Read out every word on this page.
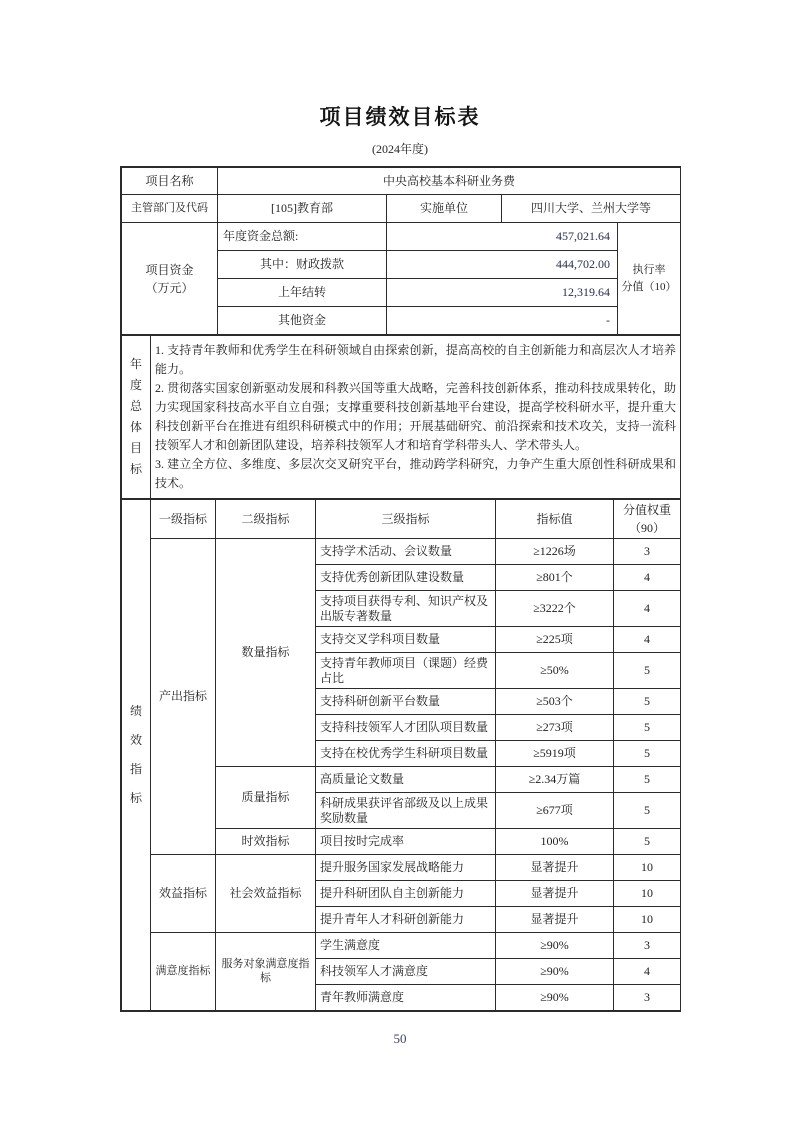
项目绩效目标表
(2024年度)
项目名称	中央高校基本科研业务费			
主管部门及代码	[105]教育部	实施单位	四川大学、兰州大学等	

项目资金
（万元）
	年度资金总额:	457,021.64	
执行率
分值（10）

	其中：财政拨款	444,702.00		
	上年结转	12,319.64		
	其他资金	-		
年度总体目标

1. 支持青年教师和优秀学生在科研领域自由探索创新，提高高校的自主创新能力和高层次人才培养能力。
2. 贯彻落实国家创新驱动发展和科教兴国等重大战略，完善科技创新体系，推动科技成果转化，助力实现国家科技高水平自立自强；支撑重要科技创新基地平台建设，提高学校科研水平，提升重大科技创新平台在推进有组织科研模式中的作用；开展基础研究、前沿探索和技术攻关，支持一流科技领军人才和创新团队建设，培养科技领军人才和培育学科带头人、学术带头人。
3. 建立全方位、多维度、多层次交叉研究平台，推动跨学科研究，力争产生重大原创性科研成果和技术。
绩效指标	一级指标	二级指标	三级指标	指标值	分值权重
（90）

	产出指标	数量指标	支持学术活动、会议数量	≥1226场	3
			支持优秀创新团队建设数量	≥801个	4
			支持项目获得专利、知识产权及出版专著数量	≥3222个	4
			支持交叉学科项目数量	≥225项	4
			支持青年教师项目（课题）经费占比	≥50%	5
			支持科研创新平台数量	≥503个	5
			支持科技领军人才团队项目数量	≥273项	5
			支持在校优秀学生科研项目数量	≥5919项	5
		质量指标	高质量论文数量	≥2.34万篇	5
			科研成果获评省部级及以上成果奖励数量	≥677项	5
		时效指标	项目按时完成率	100%	5
	效益指标	社会效益指标	提升服务国家发展战略能力	显著提升	10
			提升科研团队自主创新能力	显著提升	10
			提升青年人才科研创新能力	显著提升	10
	满意度指标	服务对象满意度指标	学生满意度	≥90%	3
			科技领军人才满意度	≥90%	4
			青年教师满意度	≥90%	3
50
